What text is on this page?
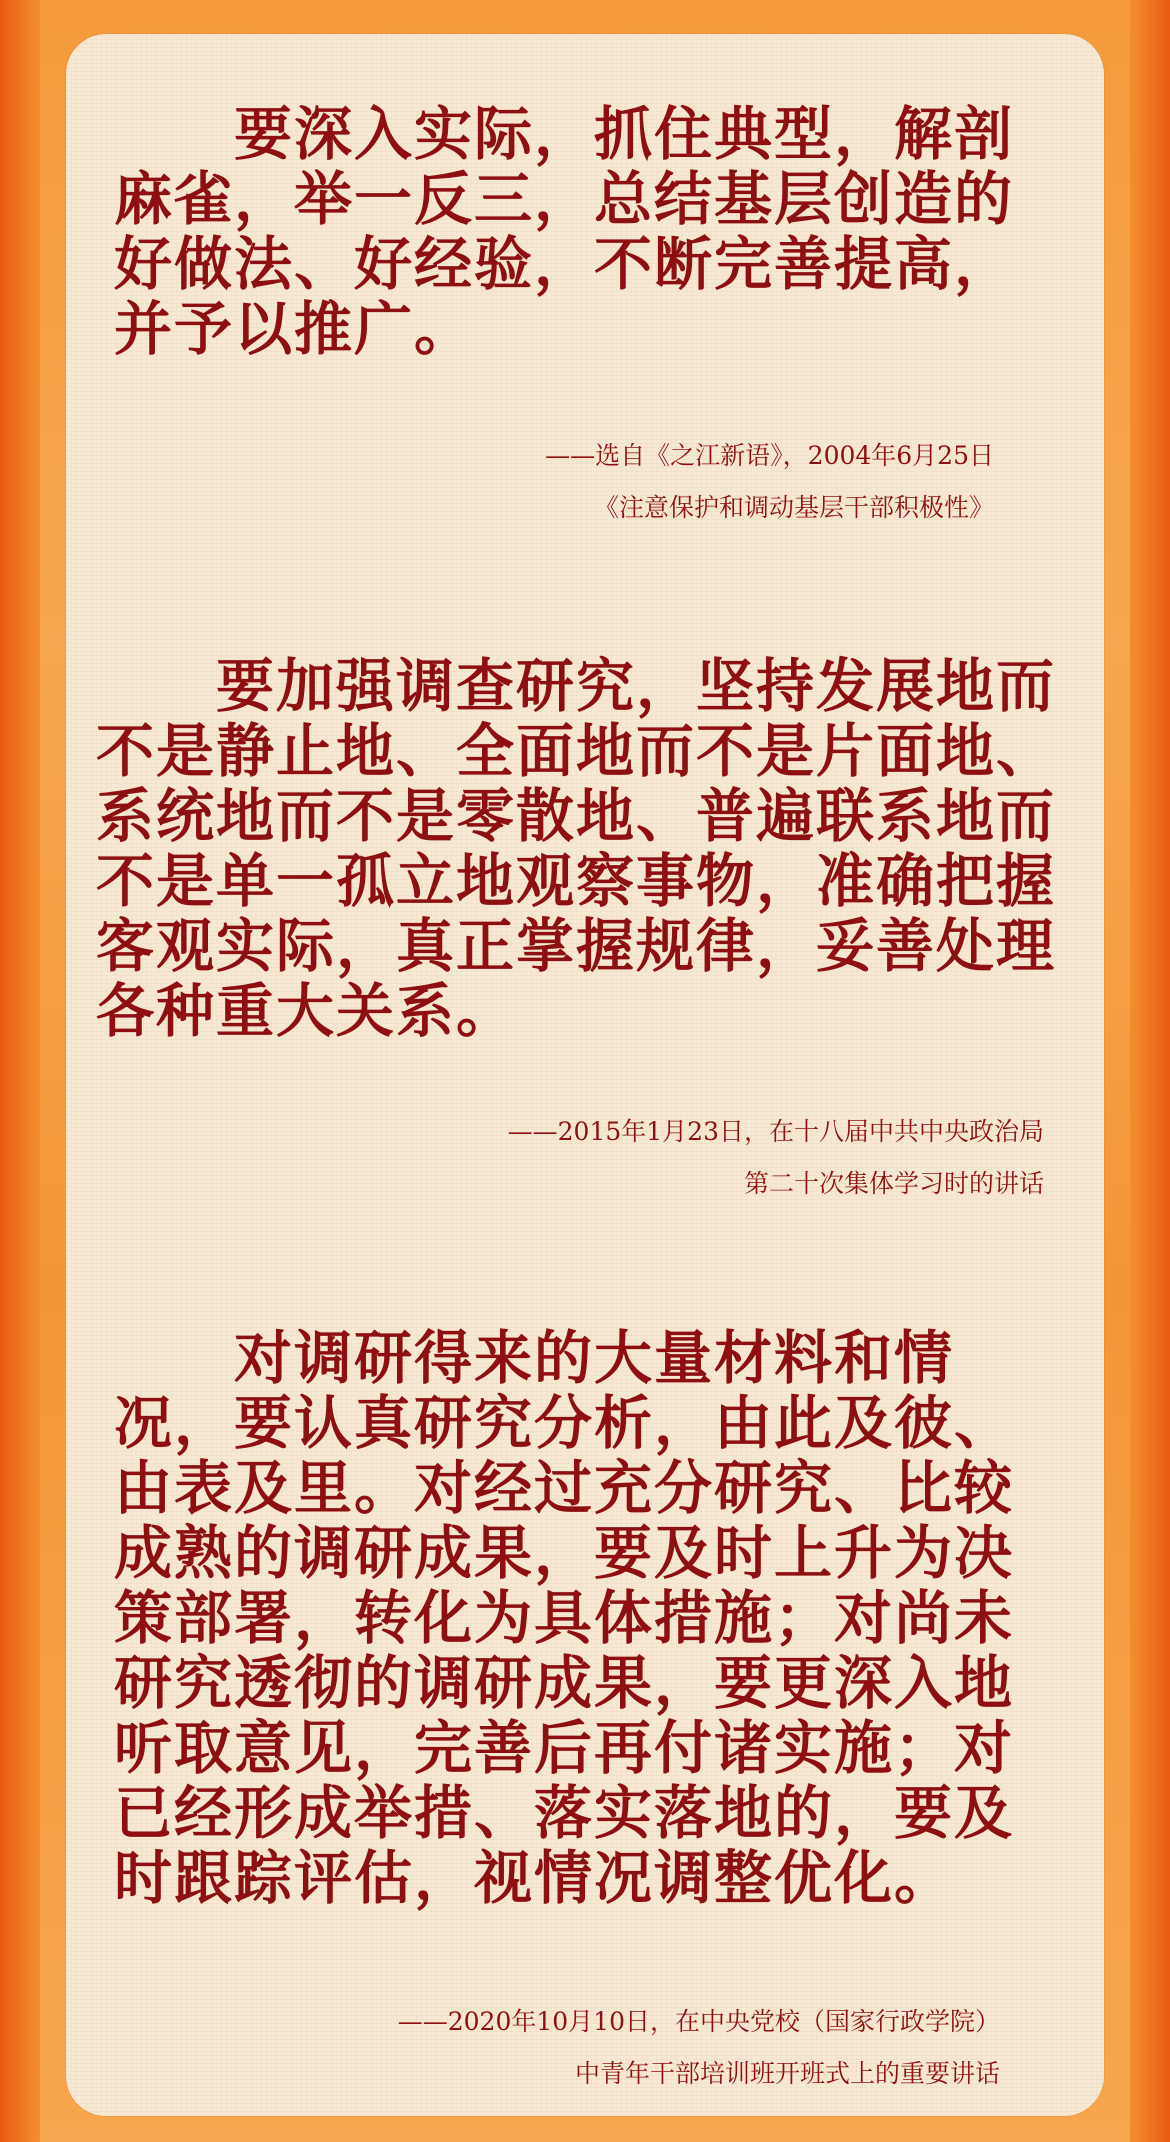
　　要深入实际，抓住典型，解剖麻雀，举一反三，总结基层创造的好做法、好经验，不断完善提高，并予以推广。

——选自《之江新语》，2004年6月25日
《注意保护和调动基层干部积极性》

　　要加强调查研究，坚持发展地而不是静止地、全面地而不是片面地、系统地而不是零散地、普遍联系地而不是单一孤立地观察事物，准确把握客观实际，真正掌握规律，妥善处理各种重大关系。

——2015年1月23日，在十八届中共中央政治局
第二十次集体学习时的讲话

　　对调研得来的大量材料和情况，要认真研究分析，由此及彼、由表及里。对经过充分研究、比较成熟的调研成果，要及时上升为决策部署，转化为具体措施；对尚未研究透彻的调研成果，要更深入地听取意见，完善后再付诸实施；对已经形成举措、落实落地的，要及时跟踪评估，视情况调整优化。

——2020年10月10日，在中央党校（国家行政学院）
中青年干部培训班开班式上的重要讲话
